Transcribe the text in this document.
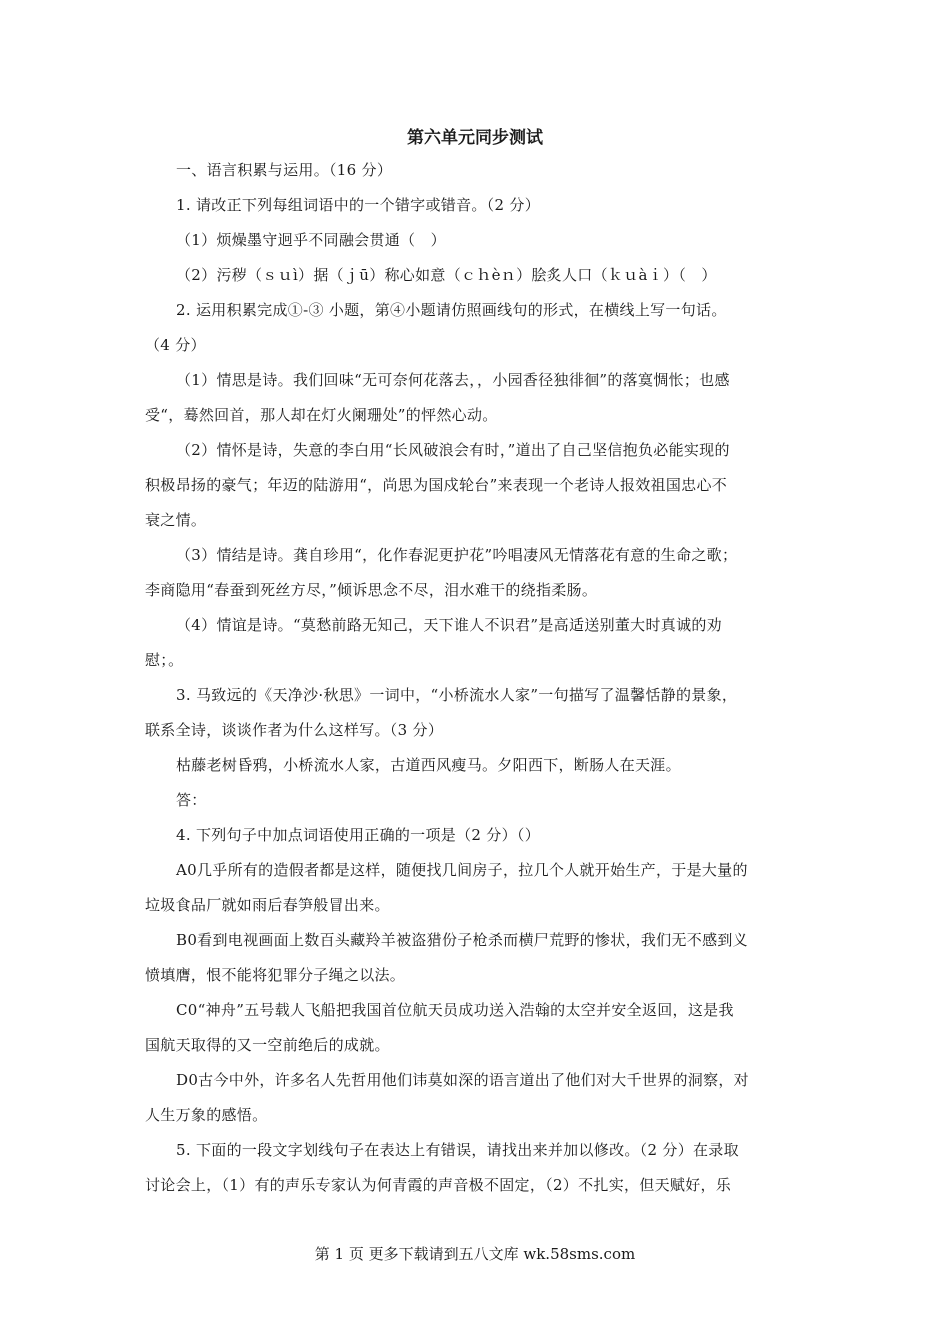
第六单元同步测试
一、语言积累与运用。（16 分）
1. 请改正下列每组词语中的一个错字或错音。（2 分）
（1）烦燥墨守迥乎不同融会贯通（　）
（2）污秽（ｓｕì）据（ｊū）称心如意（ｃｈèｎ）脍炙人口（ｋｕàｉ）（　）
2. 运用积累完成①-③ 小题，第④小题请仿照画线句的形式，在横线上写一句话。
（4 分）
（1）情思是诗。我们回味“无可奈何花落去，，小园香径独徘徊”的落寞惆怅；也感
受“，蓦然回首，那人却在灯火阑珊处”的怦然心动。
（2）情怀是诗，失意的李白用“长风破浪会有时，”道出了自己坚信抱负必能实现的
积极昂扬的豪气；年迈的陆游用“，尚思为国戍轮台”来表现一个老诗人报效祖国忠心不
衰之情。
（3）情结是诗。龚自珍用“，化作春泥更护花”吟唱凄风无情落花有意的生命之歌；
李商隐用“春蚕到死丝方尽，”倾诉思念不尽，泪水难干的绕指柔肠。
（4）情谊是诗。“莫愁前路无知己，天下谁人不识君”是高适送别董大时真诚的劝
慰；。
3. 马致远的《天净沙·秋思》一词中，“小桥流水人家”一句描写了温馨恬静的景象，
联系全诗，谈谈作者为什么这样写。（3 分）
枯藤老树昏鸦，小桥流水人家，古道西风瘦马。夕阳西下，断肠人在天涯。
答：
4. 下列句子中加点词语使用正确的一项是（2 分）（）
A0几乎所有的造假者都是这样，随便找几间房子，拉几个人就开始生产，于是大量的
垃圾食品厂就如雨后春笋般冒出来。
B0看到电视画面上数百头藏羚羊被盗猎份子枪杀而横尸荒野的惨状，我们无不感到义
愤填膺，恨不能将犯罪分子绳之以法。
C0“神舟”五号载人飞船把我国首位航天员成功送入浩翰的太空并安全返回，这是我
国航天取得的又一空前绝后的成就。
D0古今中外，许多名人先哲用他们讳莫如深的语言道出了他们对大千世界的洞察，对
人生万象的感悟。
5. 下面的一段文字划线句子在表达上有错误，请找出来并加以修改。（2 分）在录取
讨论会上，（1）有的声乐专家认为何青霞的声音极不固定，（2）不扎实，但天赋好，乐
第 1 页 更多下载请到五八文库 wk.58sms.com
